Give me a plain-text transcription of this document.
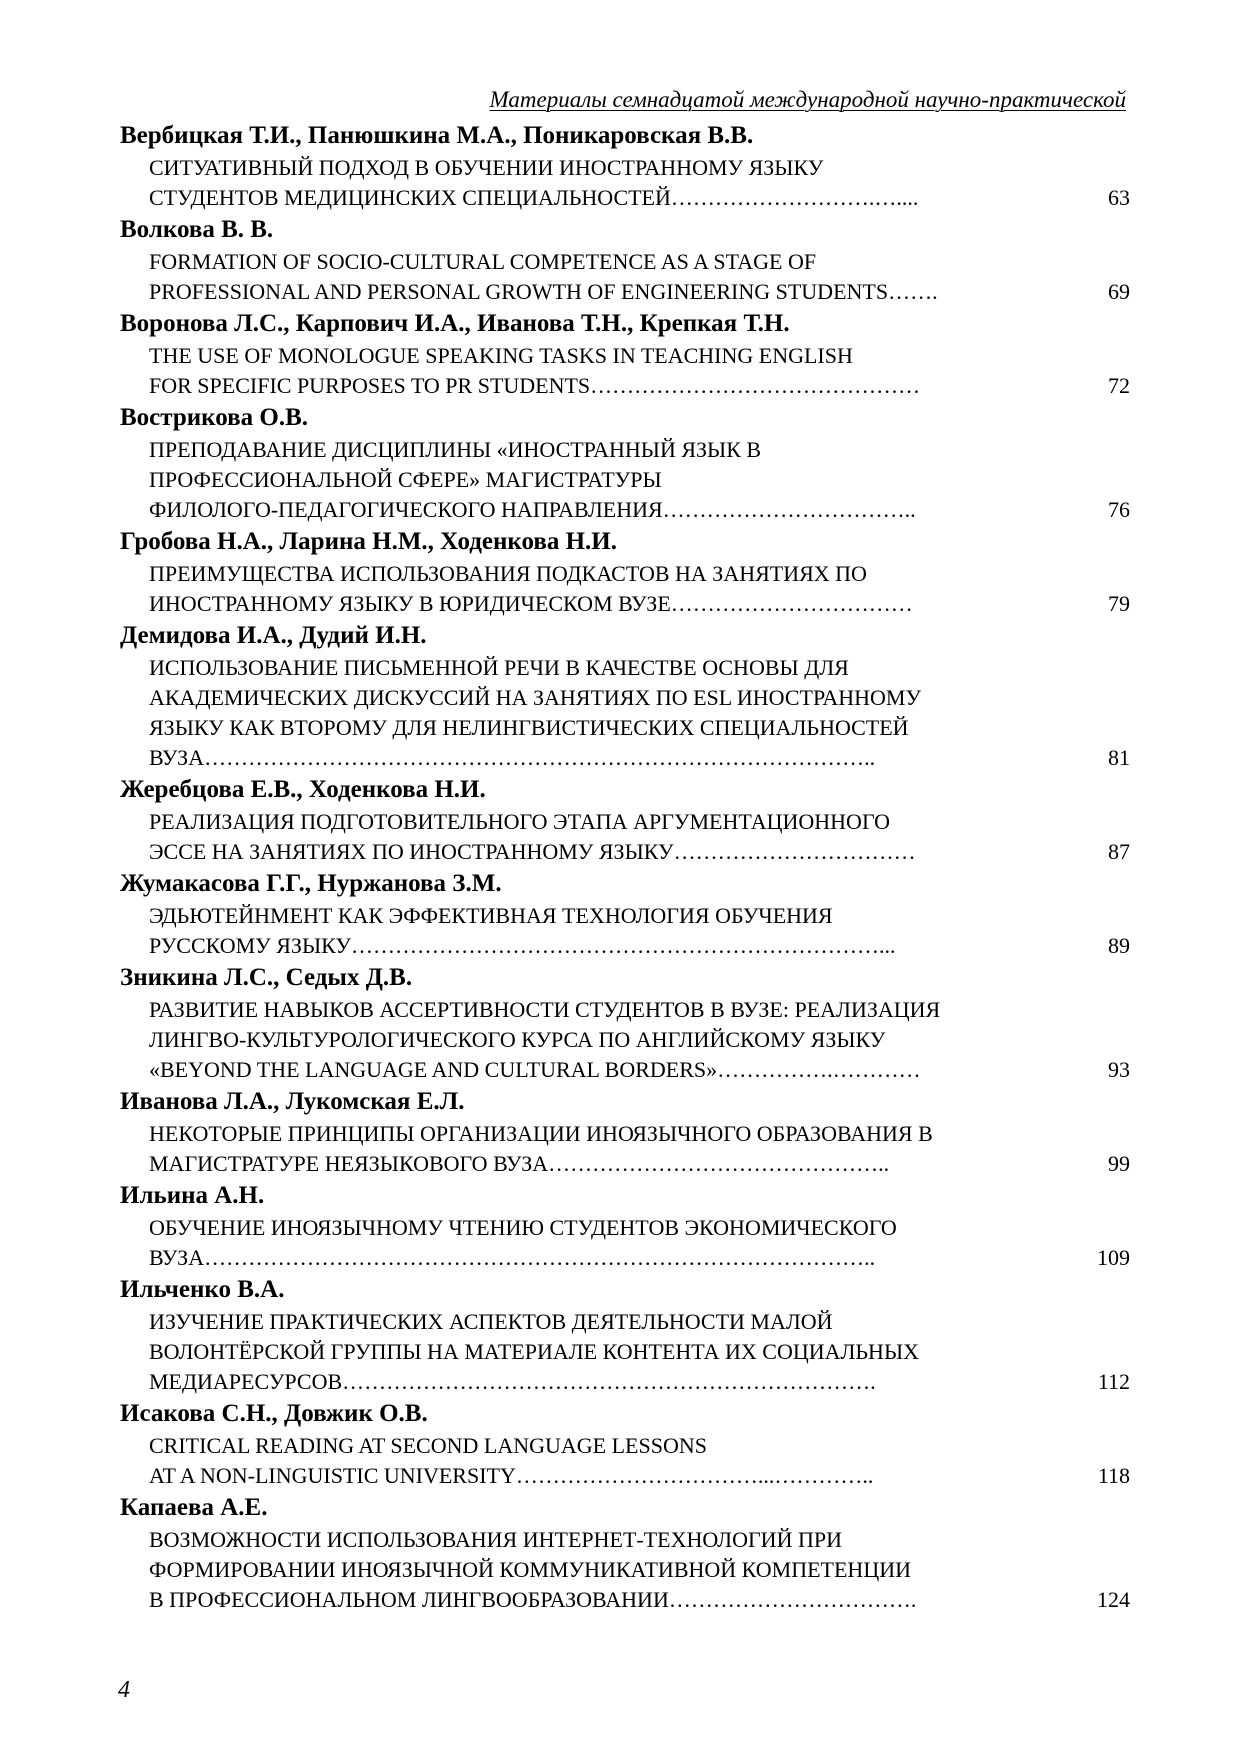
Материалы семнадцатой международной научно-практической
Вербицкая Т.И., Панюшкина М.А., Поникаровская В.В.
СИТУАТИВНЫЙ ПОДХОД В ОБУЧЕНИИ ИНОСТРАННОМУ ЯЗЫКУ
СТУДЕНТОВ МЕДИЦИНСКИХ СПЕЦИАЛЬНОСТЕЙ……………………….…....	63
Волкова В. В.
FORMATION OF SOCIO-CULTURAL COMPETENCE AS A STAGE OF
PROFESSIONAL AND PERSONAL GROWTH OF ENGINEERING STUDENTS…….	69
Воронова Л.С., Карпович И.А., Иванова Т.Н., Крепкая Т.Н.
THE USE OF MONOLOGUE SPEAKING TASKS IN TEACHING ENGLISH
FOR SPECIFIC PURPOSES TO PR STUDENTS………………………………………	72
Вострикова О.В.
ПРЕПОДАВАНИЕ ДИСЦИПЛИНЫ «ИНОСТРАННЫЙ ЯЗЫК В
ПРОФЕССИОНАЛЬНОЙ СФЕРЕ» МАГИСТРАТУРЫ
ФИЛОЛОГО-ПЕДАГОГИЧЕСКОГО НАПРАВЛЕНИЯ……………………………..	76
Гробова Н.А., Ларина Н.М., Ходенкова Н.И.
ПРЕИМУЩЕСТВА ИСПОЛЬЗОВАНИЯ ПОДКАСТОВ НА ЗАНЯТИЯХ ПО
ИНОСТРАННОМУ ЯЗЫКУ В ЮРИДИЧЕСКОМ ВУЗЕ……………………………	79
Демидова И.А., Дудий И.Н.
ИСПОЛЬЗОВАНИЕ ПИСЬМЕННОЙ РЕЧИ В КАЧЕСТВЕ ОСНОВЫ ДЛЯ
АКАДЕМИЧЕСКИХ ДИСКУССИЙ НА ЗАНЯТИЯХ ПО ESL ИНОСТРАННОМУ
ЯЗЫКУ КАК ВТОРОМУ ДЛЯ НЕЛИНГВИСТИЧЕСКИХ СПЕЦИАЛЬНОСТЕЙ
ВУЗА………………………………………………………………………………..	81
Жеребцова Е.В., Ходенкова Н.И.
РЕАЛИЗАЦИЯ ПОДГОТОВИТЕЛЬНОГО ЭТАПА АРГУМЕНТАЦИОННОГО
ЭССЕ НА ЗАНЯТИЯХ ПО ИНОСТРАННОМУ ЯЗЫКУ……………………………	87
Жумакасова Г.Г., Нуржанова З.М.
ЭДЬЮТЕЙНМЕНТ КАК ЭФФЕКТИВНАЯ ТЕХНОЛОГИЯ ОБУЧЕНИЯ
РУССКОМУ ЯЗЫКУ………………………………………………………………...	89
Зникина Л.С., Седых Д.В.
РАЗВИТИЕ НАВЫКОВ АССЕРТИВНОСТИ СТУДЕНТОВ В ВУЗЕ: РЕАЛИЗАЦИЯ
ЛИНГВО-КУЛЬТУРОЛОГИЧЕСКОГО КУРСА ПО АНГЛИЙСКОМУ ЯЗЫКУ
«BEYOND THE LANGUAGE AND CULTURAL BORDERS»…………….…………	93
Иванова Л.А., Лукомская Е.Л.
НЕКОТОРЫЕ ПРИНЦИПЫ ОРГАНИЗАЦИИ ИНОЯЗЫЧНОГО ОБРАЗОВАНИЯ В
МАГИСТРАТУРЕ НЕЯЗЫКОВОГО ВУЗА………………………………………..	99
Ильина А.Н.
ОБУЧЕНИЕ ИНОЯЗЫЧНОМУ ЧТЕНИЮ СТУДЕНТОВ ЭКОНОМИЧЕСКОГО
ВУЗА………………………………………………………………………………..	109
Ильченко В.А.
ИЗУЧЕНИЕ ПРАКТИЧЕСКИХ АСПЕКТОВ ДЕЯТЕЛЬНОСТИ МАЛОЙ
ВОЛОНТЁРСКОЙ ГРУППЫ НА МАТЕРИАЛЕ КОНТЕНТА ИХ СОЦИАЛЬНЫХ
МЕДИАРЕСУРСОВ……………………………………………………………….	112
Исакова С.Н., Довжик О.В.
CRITICAL READING AT SECOND LANGUAGE LESSONS
AT A NON-LINGUISTIC UNIVERSITY……………………………...…………..	118
Капаева А.Е.
ВОЗМОЖНОСТИ ИСПОЛЬЗОВАНИЯ ИНТЕРНЕТ-ТЕХНОЛОГИЙ ПРИ
ФОРМИРОВАНИИ ИНОЯЗЫЧНОЙ КОММУНИКАТИВНОЙ КОМПЕТЕНЦИИ
В ПРОФЕССИОНАЛЬНОМ ЛИНГВООБРАЗОВАНИИ…………………………….	124
4
